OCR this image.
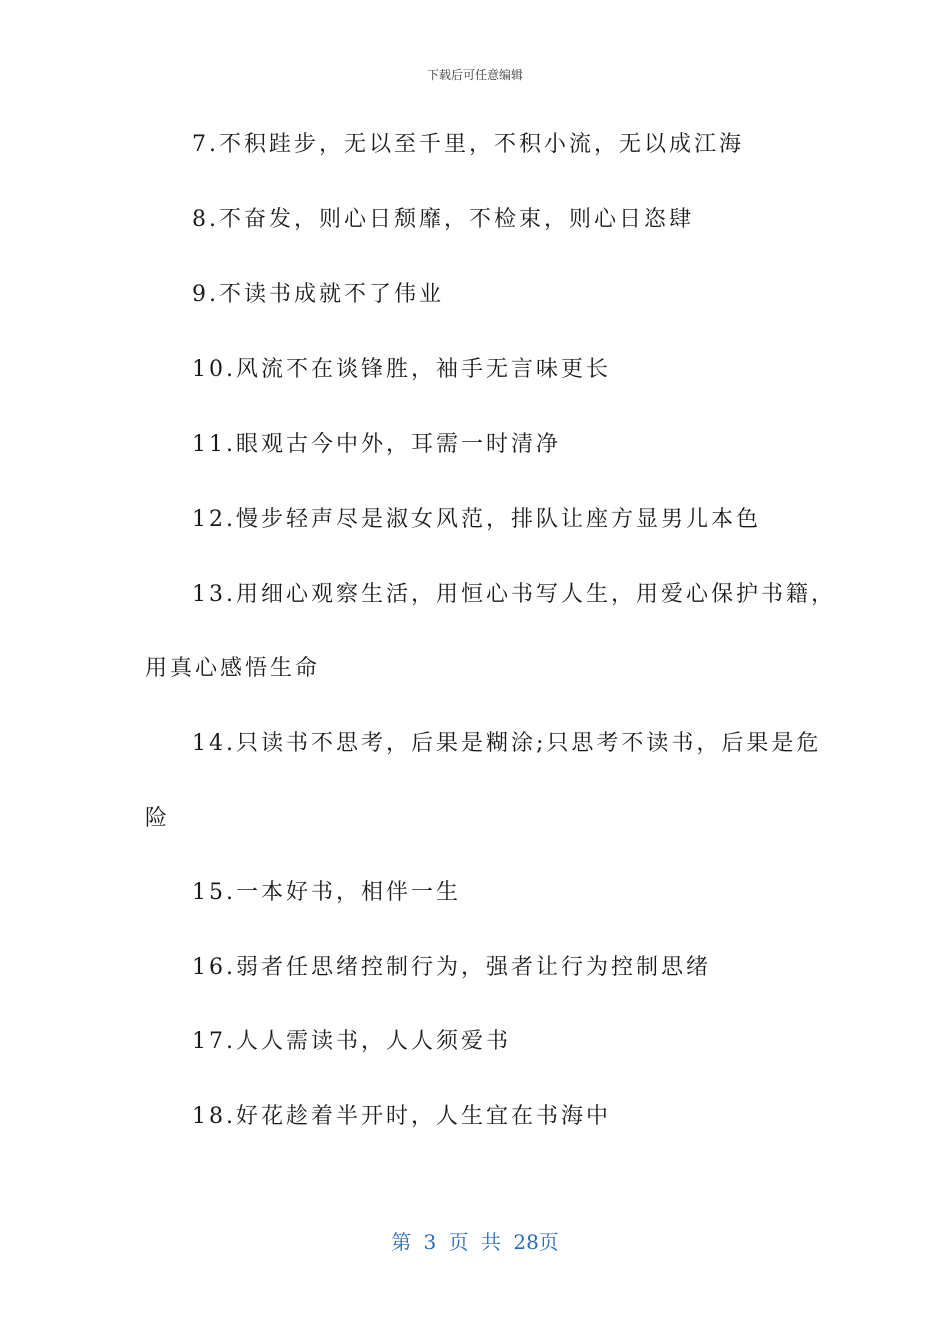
下载后可任意编辑
7.不积跬步，无以至千里，不积小流，无以成江海
8.不奋发，则心日颓靡，不检束，则心日恣肆
9.不读书成就不了伟业
10.风流不在谈锋胜，袖手无言味更长
11.眼观古今中外，耳需一时清净
12.慢步轻声尽是淑女风范，排队让座方显男儿本色
13.用细心观察生活，用恒心书写人生，用爱心保护书籍，
用真心感悟生命
14.只读书不思考，后果是糊涂;只思考不读书，后果是危
险
15.一本好书，相伴一生
16.弱者任思绪控制行为，强者让行为控制思绪
17.人人需读书，人人须爱书
18.好花趁着半开时，人生宜在书海中
第 3 页 共 28页
